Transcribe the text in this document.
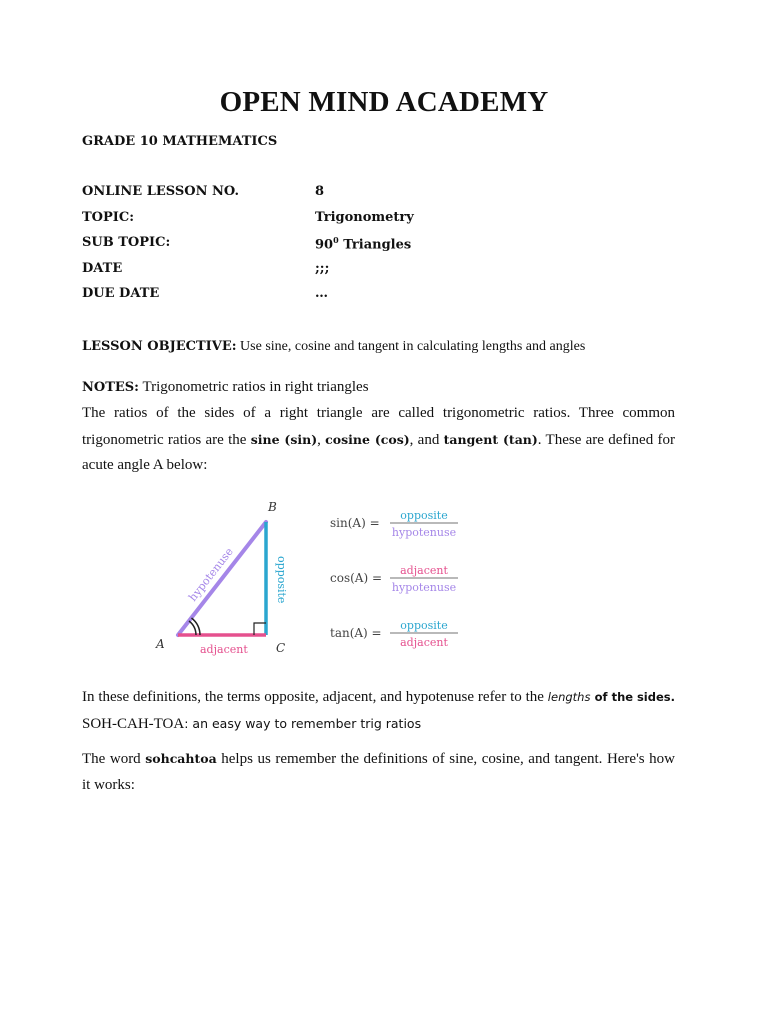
OPEN MIND ACADEMY
GRADE 10 MATHEMATICS
ONLINE LESSON NO.	8
TOPIC:	Trigonometry
SUB TOPIC:	$90^0$ Triangles
DATE	;;;
DUE DATE	…
LESSON OBJECTIVE: Use sine, cosine and tangent in calculating lengths and angles
NOTES: Trigonometric ratios in right triangles
The ratios of the sides of a right triangle are called trigonometric ratios. Three common trigonometric ratios are the sine (sin), cosine (cos), and tangent (tan). These are defined for acute angle A below:
A
B
C
hypotenuse	opposite
adjacent
sin(A) =
opposite
hypotenuse
cos(A) =
adjacent
hypotenuse
tan(A) =
opposite
adjacent
In these definitions, the terms opposite, adjacent, and hypotenuse refer to the lengths of the sides. SOH-CAH-TOA: an easy way to remember trig ratios
The word sohcahtoa helps us remember the definitions of sine, cosine, and tangent. Here's how it works:
